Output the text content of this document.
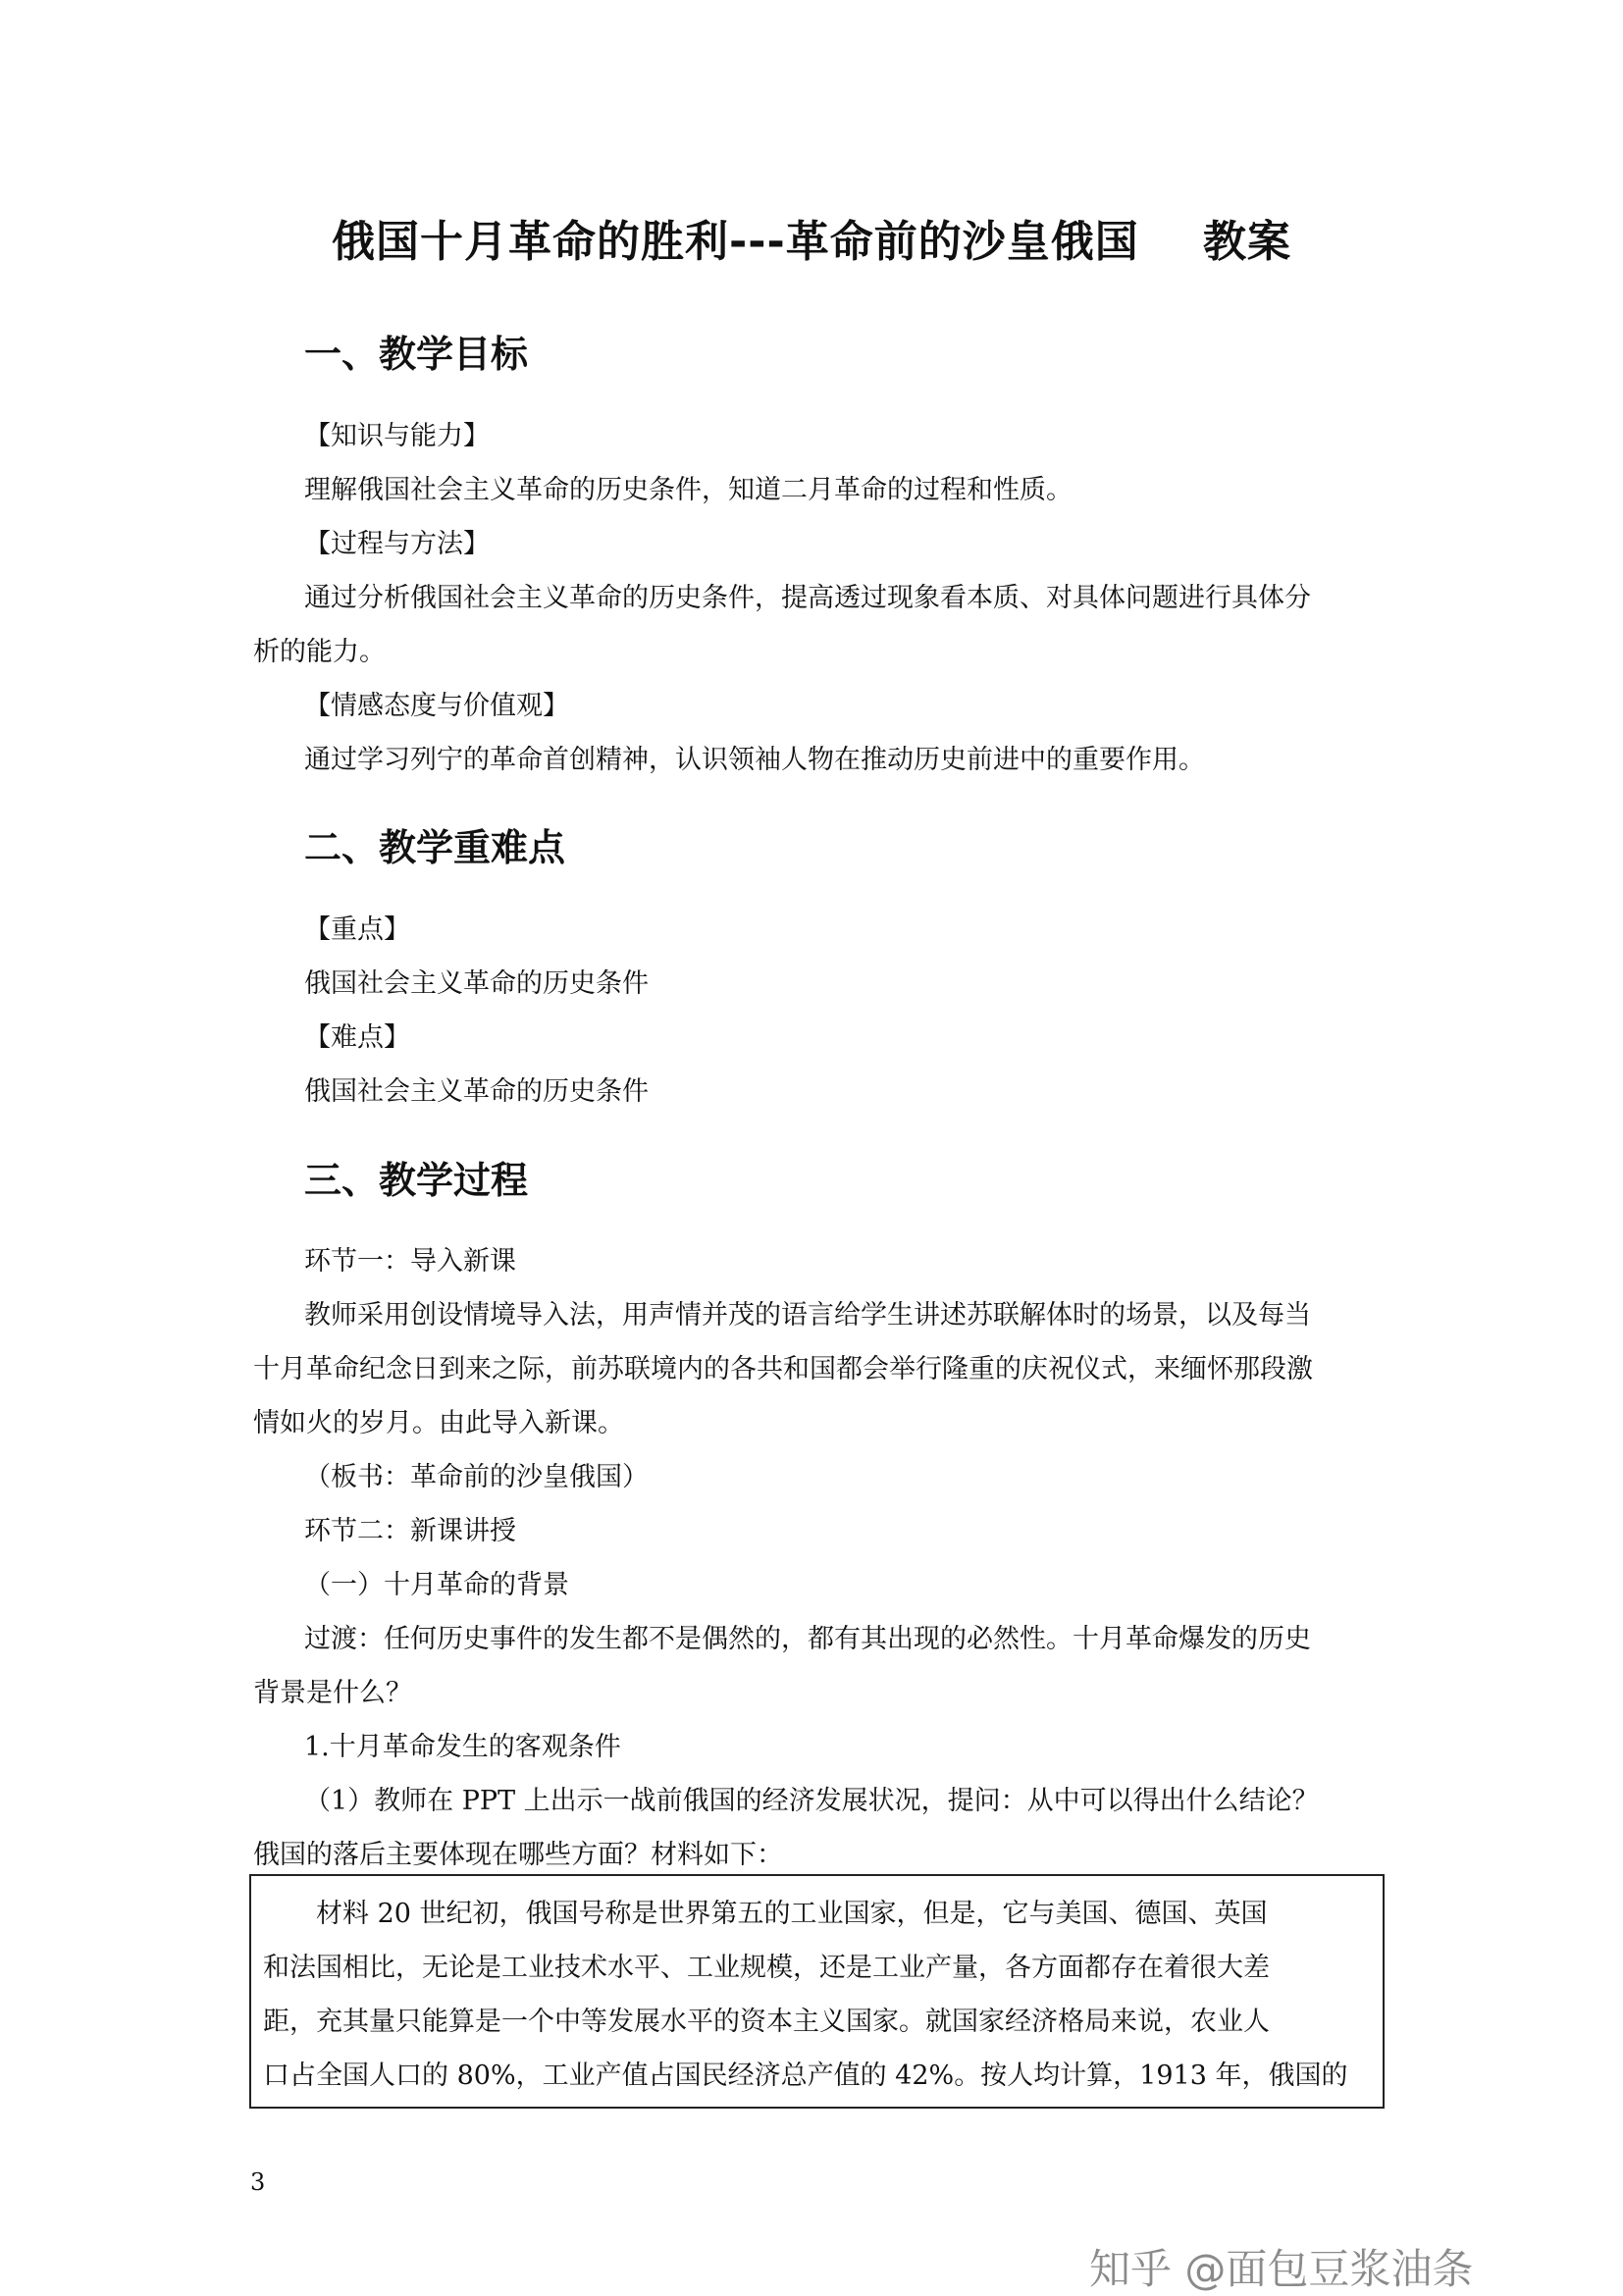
俄国十月革命的胜利---革命前的沙皇俄国    教案
一、教学目标
【知识与能力】
理解俄国社会主义革命的历史条件，知道二月革命的过程和性质。
【过程与方法】
通过分析俄国社会主义革命的历史条件，提高透过现象看本质、对具体问题进行具体分
析的能力。
【情感态度与价值观】
通过学习列宁的革命首创精神，认识领袖人物在推动历史前进中的重要作用。
二、教学重难点
【重点】
俄国社会主义革命的历史条件
【难点】
俄国社会主义革命的历史条件
三、教学过程
环节一：导入新课
教师采用创设情境导入法，用声情并茂的语言给学生讲述苏联解体时的场景，以及每当
十月革命纪念日到来之际，前苏联境内的各共和国都会举行隆重的庆祝仪式，来缅怀那段激
情如火的岁月。由此导入新课。
（板书：革命前的沙皇俄国）
环节二：新课讲授
（一）十月革命的背景
过渡：任何历史事件的发生都不是偶然的，都有其出现的必然性。十月革命爆发的历史
背景是什么？
1.十月革命发生的客观条件
（1）教师在 PPT 上出示一战前俄国的经济发展状况，提问：从中可以得出什么结论？
俄国的落后主要体现在哪些方面？材料如下：
材料 20 世纪初，俄国号称是世界第五的工业国家，但是，它与美国、德国、英国
和法国相比，无论是工业技术水平、工业规模，还是工业产量，各方面都存在着很大差
距，充其量只能算是一个中等发展水平的资本主义国家。就国家经济格局来说，农业人
口占全国人口的 80%，工业产值占国民经济总产值的 42%。按人均计算，1913 年，俄国的
3
知乎 @面包豆浆油条
